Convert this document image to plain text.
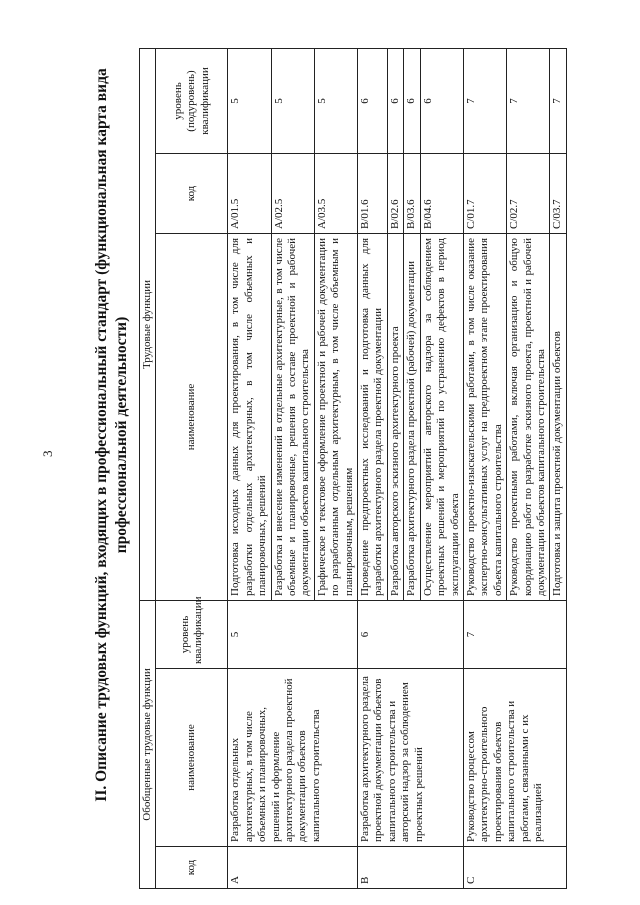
3 II. Описание трудовых функций, входящих в профессиональный стандарт (функциональная карта вида профессиональной деятельности)
Обобщенные трудовые функции			Трудовые функции		
код	наименование	уровень квалификации	наименование	код	уровень (подуровень) квалификации
A	Разработка отдельных архитектурных, в том числе объемных и планировочных, решений и оформление архитектурного раздела проектной документации объектов капитального строительства	5	Подготовка исходных данных для проектирования, в том числе для разработки отдельных архитектурных, в том числе объемных и планировочных, решений	A/01.5	5
			Разработка и внесение изменений в отдельные архитектурные, в том числе объемные и планировочные, решения в составе проектной и рабочей документации объектов капитального строительства	A/02.5	5
			Графическое и текстовое оформление проектной и рабочей документации по разработанным отдельным архитектурным, в том числе объемным и планировочным, решениям	A/03.5	5
B	Разработка архитектурного раздела проектной документации объектов капитального строительства и авторский надзор за соблюдением проектных решений	6	Проведение предпроектных исследований и подготовка данных для разработки архитектурного раздела проектной документации	B/01.6	6
			Разработка авторского эскизного архитектурного проекта	B/02.6	6
			Разработка архитектурного раздела проектной (рабочей) документации	B/03.6	6
			Осуществление мероприятий авторского надзора за соблюдением проектных решений и мероприятий по устранению дефектов в период эксплуатации объекта	B/04.6	6
C	Руководство процессом архитектурно-строительного проектирования объектов капитального строительства и работами, связанными с их реализацией	7	Руководство проектно-изыскательскими работами, в том числе оказание экспертно-консультативных услуг на предпроектном этапе проектирования объекта капитального строительства	C/01.7	7
			Руководство проектными работами, включая организацию и общую координацию работ по разработке эскизного проекта, проектной и рабочей документации объектов капитального строительства	C/02.7	7
			Подготовка и защита проектной документации объектов	C/03.7	7
